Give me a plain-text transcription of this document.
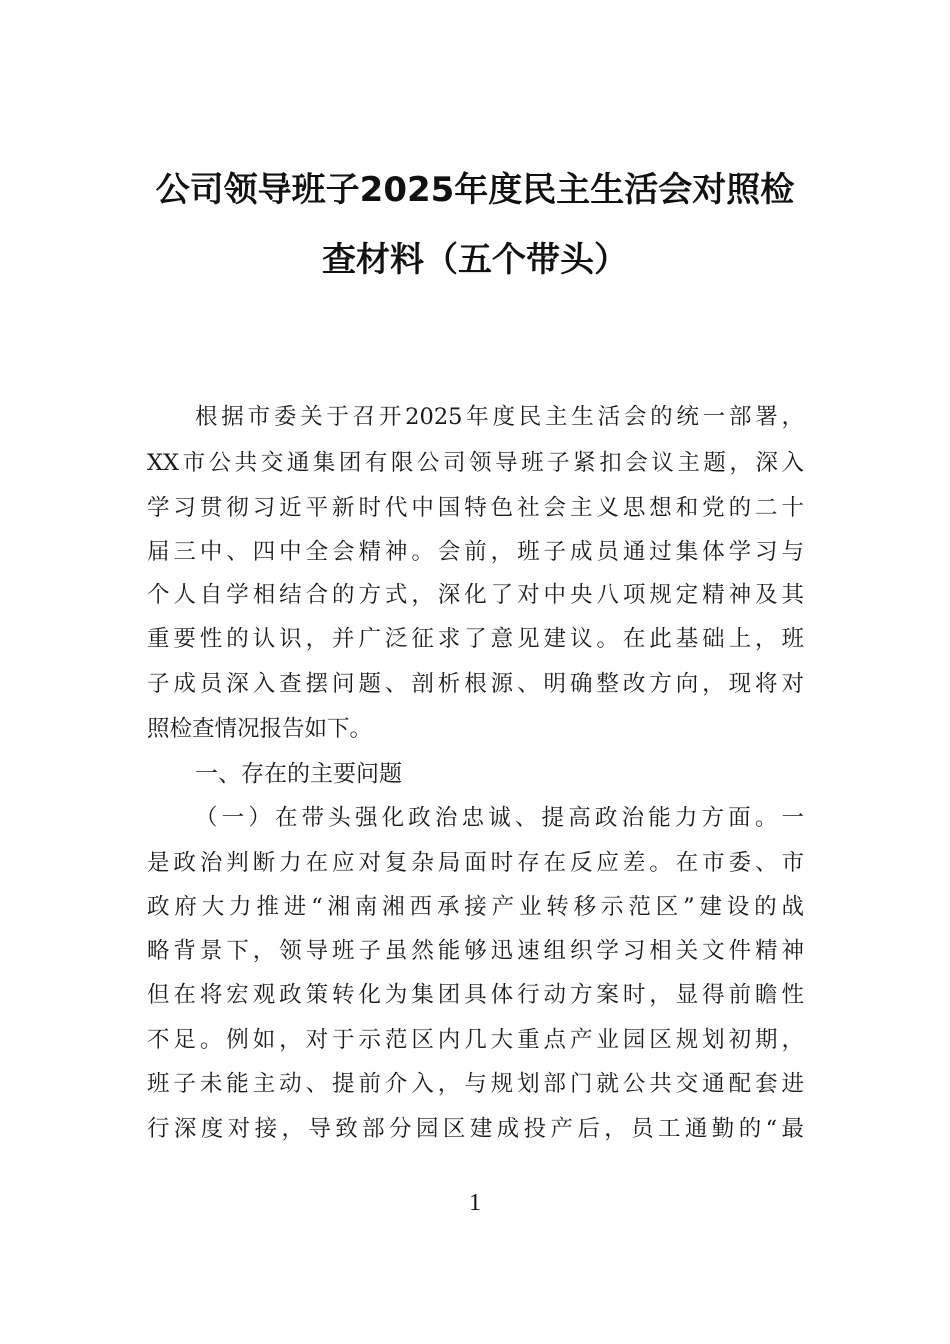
公司领导班子2025年度民主生活会对照检
查材料（五个带头）
根据市委关于召开2025年度民主生活会的统一部署，
XX市公共交通集团有限公司领导班子紧扣会议主题，深入
学习贯彻习近平新时代中国特色社会主义思想和党的二十
届三中、四中全会精神。会前，班子成员通过集体学习与
个人自学相结合的方式，深化了对中央八项规定精神及其
重要性的认识，并广泛征求了意见建议。在此基础上，班
子成员深入查摆问题、剖析根源、明确整改方向，现将对
照检查情况报告如下。
一、存在的主要问题
（一）在带头强化政治忠诚、提高政治能力方面。一
是政治判断力在应对复杂局面时存在反应差。在市委、市
政府大力推进“湘南湘西承接产业转移示范区”建设的战
略背景下，领导班子虽然能够迅速组织学习相关文件精神
但在将宏观政策转化为集团具体行动方案时，显得前瞻性
不足。例如，对于示范区内几大重点产业园区规划初期，
班子未能主动、提前介入，与规划部门就公共交通配套进
行深度对接，导致部分园区建成投产后，员工通勤的“最
1
